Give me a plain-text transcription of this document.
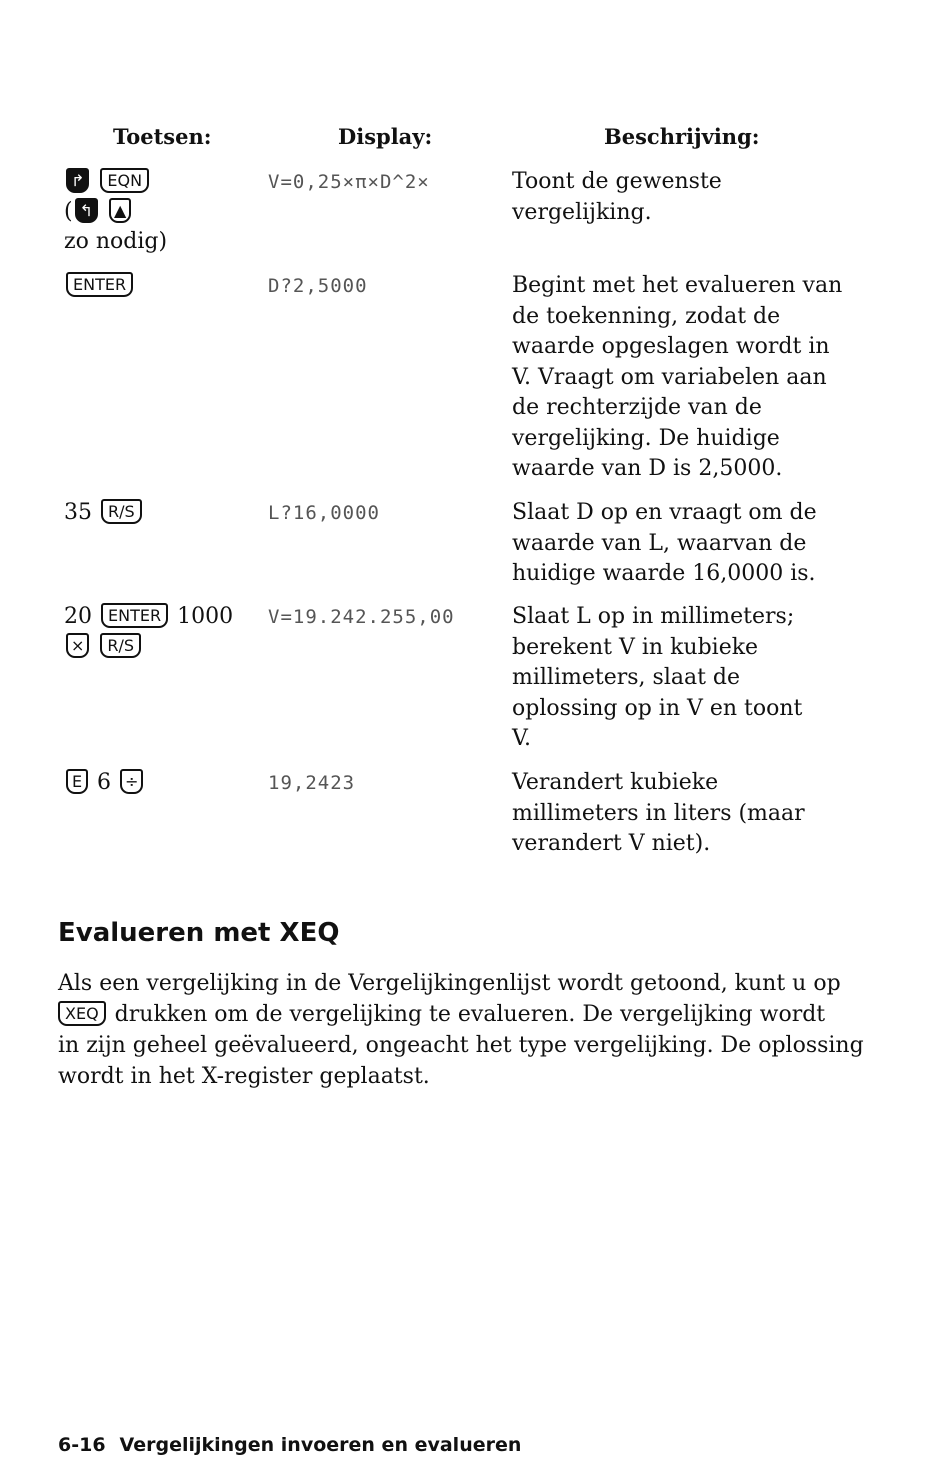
Toetsen:	Display:	Beschrijving:
↱ EQN
( ↰ ▲
zo nodig)
V=0,25×π×D^2×	Toont de gewenste
vergelijking.
ENTER	D?2,5000	Begint met het evalueren van
de toekenning, zodat de
waarde opgeslagen wordt in
V. Vraagt om variabelen aan
de rechterzijde van de
vergelijking. De huidige
waarde van D is 2,5000.
35 R/S	L?16,0000	Slaat D op en vraagt om de
waarde van L, waarvan de
huidige waarde 16,0000 is.
20 ENTER 1000
× R/S
V=19.242.255,00	Slaat L op in millimeters;
berekent V in kubieke
millimeters, slaat de
oplossing op in V en toont
V.
E 6 ÷	19,2423	Verandert kubieke
millimeters in liters (maar
verandert V niet).
Evalueren met XEQ
Als een vergelijking in de Vergelijkingenlijst wordt getoond, kunt u op
XEQ drukken om de vergelijking te evalueren. De vergelijking wordt
in zijn geheel geëvalueerd, ongeacht het type vergelijking. De oplossing
wordt in het X-register geplaatst.
6-16 Vergelijkingen invoeren en evalueren
